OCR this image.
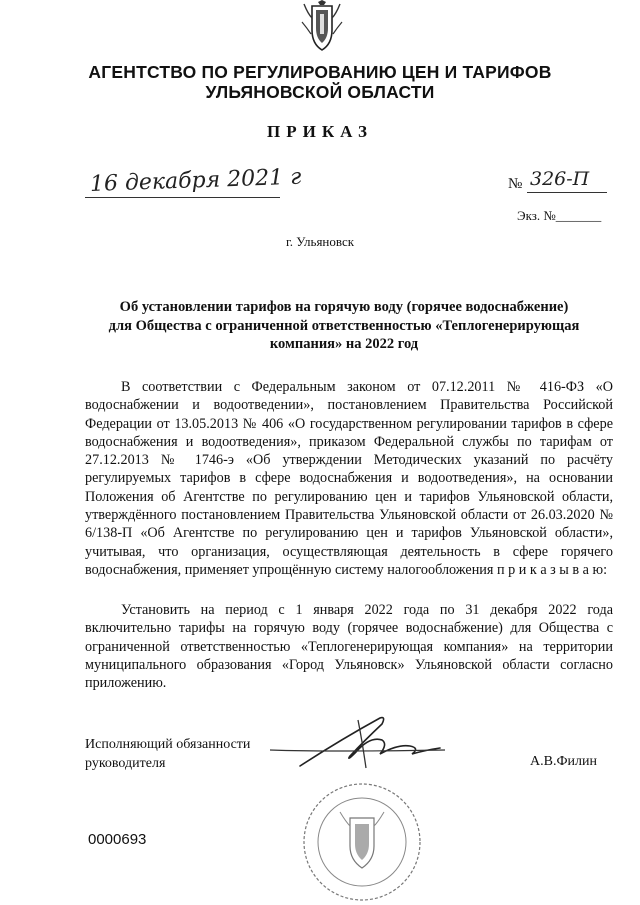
АГЕНТСТВО ПО РЕГУЛИРОВАНИЮ ЦЕН И ТАРИФОВ
УЛЬЯНОВСКОЙ ОБЛАСТИ
ПРИКАЗ
16 декабря 2021 г	№ 326-П
Экз. №_______
г. Ульяновск
Об установлении тарифов на горячую воду (горячее водоснабжение)
для Общества с ограниченной ответственностью «Теплогенерирующая
компания» на 2022 год
В соответствии с Федеральным законом от 07.12.2011 № 416-ФЗ «О водоснабжении и водоотведении», постановлением Правительства Российской Федерации от 13.05.2013 № 406 «О государственном регулировании тарифов в сфере водоснабжения и водоотведения», приказом Федеральной службы по тарифам от 27.12.2013 № 1746-э «Об утверждении Методических указаний по расчёту регулируемых тарифов в сфере водоснабжения и водоотведения», на основании Положения об Агентстве по регулированию цен и тарифов Ульяновской области, утверждённого постановлением Правительства Ульяновской области от 26.03.2020 № 6/138-П «Об Агентстве по регулированию цен и тарифов Ульяновской области», учитывая, что организация, осуществляющая деятельность в сфере горячего водоснабжения, применяет упрощённую систему налогообложения п р и к а з ы в а ю:
Установить на период с 1 января 2022 года по 31 декабря 2022 года включительно тарифы на горячую воду (горячее водоснабжение) для Общества с ограниченной ответственностью «Теплогенерирующая компания» на территории муниципального образования «Город Ульяновск» Ульяновской области согласно приложению.
Исполняющий обязанности
руководителя	А.В.Филин
0000693
